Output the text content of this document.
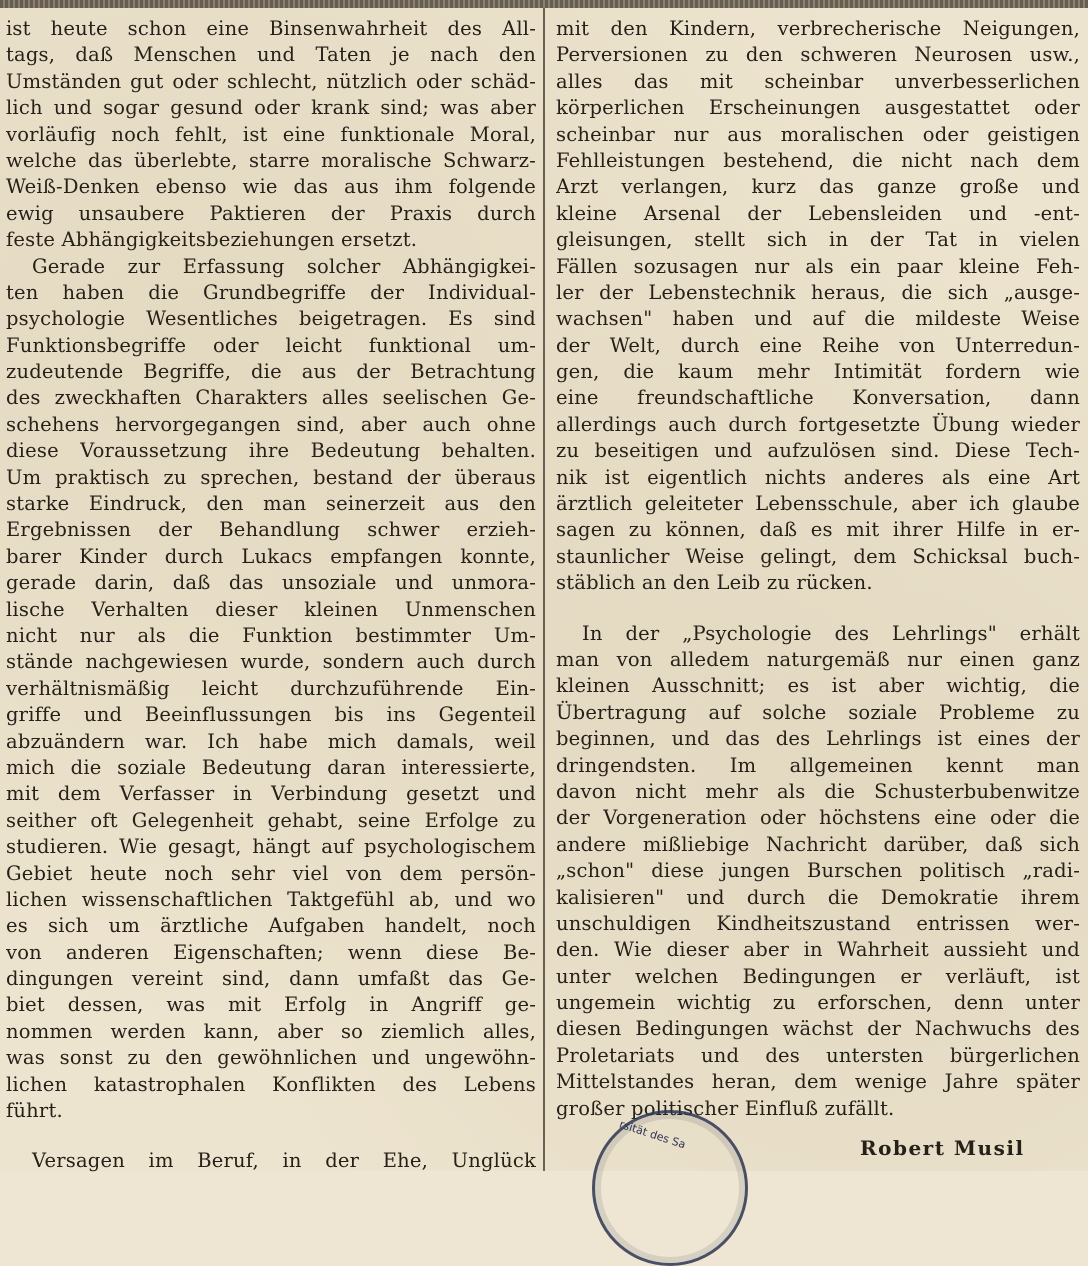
ist heute schon eine Binsenwahrheit des All-
tags, daß Menschen und Taten je nach den
Umständen gut oder schlecht, nützlich oder schäd-
lich und sogar gesund oder krank sind; was aber
vorläufig noch fehlt, ist eine funktionale Moral,
welche das überlebte, starre moralische Schwarz-
Weiß-Denken ebenso wie das aus ihm folgende
ewig unsaubere Paktieren der Praxis durch
feste Abhängigkeitsbeziehungen ersetzt.
Gerade zur Erfassung solcher Abhängigkei-
ten haben die Grundbegriffe der Individual-
psychologie Wesentliches beigetragen. Es sind
Funktionsbegriffe oder leicht funktional um-
zudeutende Begriffe, die aus der Betrachtung
des zweckhaften Charakters alles seelischen Ge-
schehens hervorgegangen sind, aber auch ohne
diese Voraussetzung ihre Bedeutung behalten.
Um praktisch zu sprechen, bestand der überaus
starke Eindruck, den man seinerzeit aus den
Ergebnissen der Behandlung schwer erzieh-
barer Kinder durch Lukacs empfangen konnte,
gerade darin, daß das unsoziale und unmora-
lische Verhalten dieser kleinen Unmenschen
nicht nur als die Funktion bestimmter Um-
stände nachgewiesen wurde, sondern auch durch
verhältnismäßig leicht durchzuführende Ein-
griffe und Beeinflussungen bis ins Gegenteil
abzuändern war. Ich habe mich damals, weil
mich die soziale Bedeutung daran interessierte,
mit dem Verfasser in Verbindung gesetzt und
seither oft Gelegenheit gehabt, seine Erfolge zu
studieren. Wie gesagt, hängt auf psychologischem
Gebiet heute noch sehr viel von dem persön-
lichen wissenschaftlichen Taktgefühl ab, und wo
es sich um ärztliche Aufgaben handelt, noch
von anderen Eigenschaften; wenn diese Be-
dingungen vereint sind, dann umfaßt das Ge-
biet dessen, was mit Erfolg in Angriff ge-
nommen werden kann, aber so ziemlich alles,
was sonst zu den gewöhnlichen und ungewöhn-
lichen katastrophalen Konflikten des Lebens
führt.
Versagen im Beruf, in der Ehe, Unglück
mit den Kindern, verbrecherische Neigungen,
Perversionen zu den schweren Neurosen usw.,
alles das mit scheinbar unverbesserlichen
körperlichen Erscheinungen ausgestattet oder
scheinbar nur aus moralischen oder geistigen
Fehlleistungen bestehend, die nicht nach dem
Arzt verlangen, kurz das ganze große und
kleine Arsenal der Lebensleiden und -ent-
gleisungen, stellt sich in der Tat in vielen
Fällen sozusagen nur als ein paar kleine Feh-
ler der Lebenstechnik heraus, die sich „ausge-
wachsen" haben und auf die mildeste Weise
der Welt, durch eine Reihe von Unterredun-
gen, die kaum mehr Intimität fordern wie
eine freundschaftliche Konversation, dann
allerdings auch durch fortgesetzte Übung wieder
zu beseitigen und aufzulösen sind. Diese Tech-
nik ist eigentlich nichts anderes als eine Art
ärztlich geleiteter Lebensschule, aber ich glaube
sagen zu können, daß es mit ihrer Hilfe in er-
staunlicher Weise gelingt, dem Schicksal buch-
stäblich an den Leib zu rücken.
In der „Psychologie des Lehrlings" erhält
man von alledem naturgemäß nur einen ganz
kleinen Ausschnitt; es ist aber wichtig, die
Übertragung auf solche soziale Probleme zu
beginnen, und das des Lehrlings ist eines der
dringendsten. Im allgemeinen kennt man
davon nicht mehr als die Schusterbubenwitze
der Vorgeneration oder höchstens eine oder die
andere mißliebige Nachricht darüber, daß sich
„schon" diese jungen Burschen politisch „radi-
kalisieren" und durch die Demokratie ihrem
unschuldigen Kindheitszustand entrissen wer-
den. Wie dieser aber in Wahrheit aussieht und
unter welchen Bedingungen er verläuft, ist
ungemein wichtig zu erforschen, denn unter
diesen Bedingungen wächst der Nachwuchs des
Proletariats und des untersten bürgerlichen
Mittelstandes heran, dem wenige Jahre später
großer politischer Einfluß zufällt.
rsität des Sa	Robert Musil
